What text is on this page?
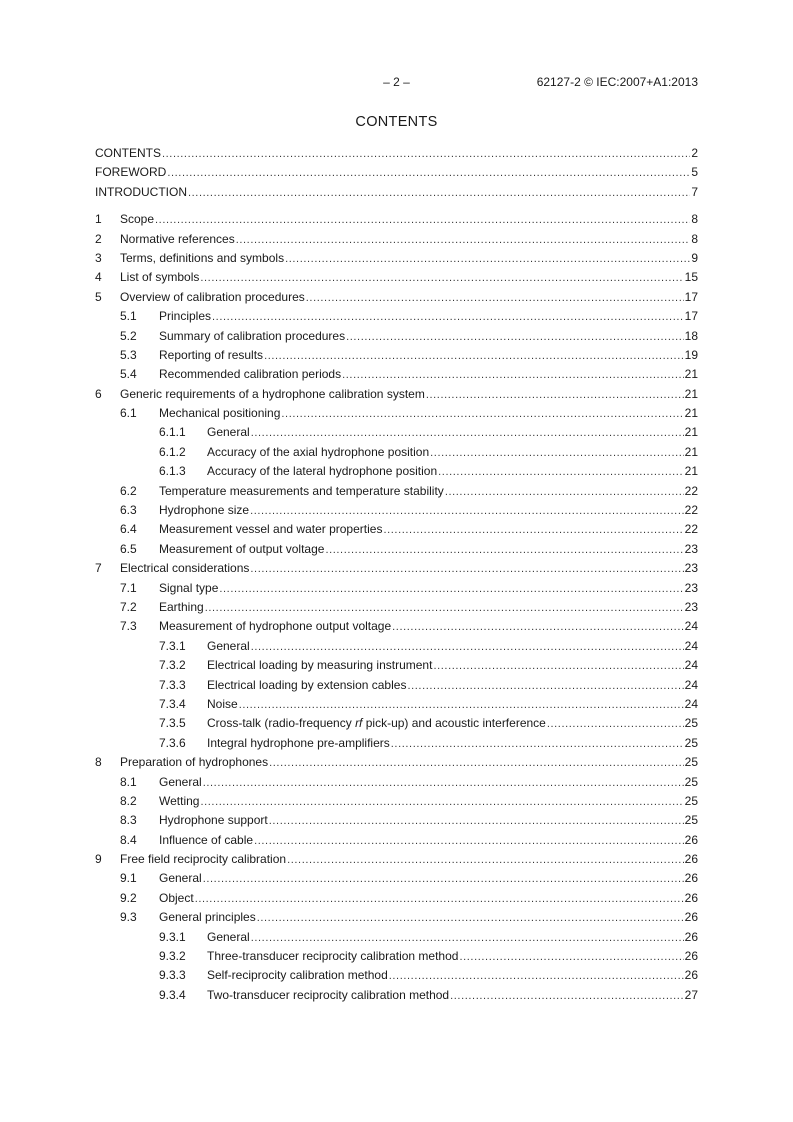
– 2 –	62127-2 © IEC:2007+A1:2013
CONTENTS
CONTENTS .....	2
FOREWORD .....	5
INTRODUCTION .....	7
1	Scope .....	8
2	Normative references .....	8
3	Terms, definitions and symbols .....	9
4	List of symbols .....	15
5	Overview of calibration procedures .....	17
5.1	Principles .....	17
5.2	Summary of calibration procedures .....	18
5.3	Reporting of results .....	19
5.4	Recommended calibration periods .....	21
6	Generic requirements of a hydrophone calibration system .....	21
6.1	Mechanical positioning .....	21
6.1.1	General .....	21
6.1.2	Accuracy of the axial hydrophone position .....	21
6.1.3	Accuracy of the lateral hydrophone position .....	21
6.2	Temperature measurements and temperature stability .....	22
6.3	Hydrophone size .....	22
6.4	Measurement vessel and water properties .....	22
6.5	Measurement of output voltage .....	23
7	Electrical considerations .....	23
7.1	Signal type .....	23
7.2	Earthing .....	23
7.3	Measurement of hydrophone output voltage .....	24
7.3.1	General .....	24
7.3.2	Electrical loading by measuring instrument .....	24
7.3.3	Electrical loading by extension cables .....	24
7.3.4	Noise .....	24
7.3.5	Cross-talk (radio-frequency rf pick-up) and acoustic interference .....	25
7.3.6	Integral hydrophone pre-amplifiers .....	25
8	Preparation of hydrophones .....	25
8.1	General .....	25
8.2	Wetting .....	25
8.3	Hydrophone support .....	25
8.4	Influence of cable .....	26
9	Free field reciprocity calibration .....	26
9.1	General .....	26
9.2	Object .....	26
9.3	General principles .....	26
9.3.1	General .....	26
9.3.2	Three-transducer reciprocity calibration method .....	26
9.3.3	Self-reciprocity calibration method .....	26
9.3.4	Two-transducer reciprocity calibration method .....	27
